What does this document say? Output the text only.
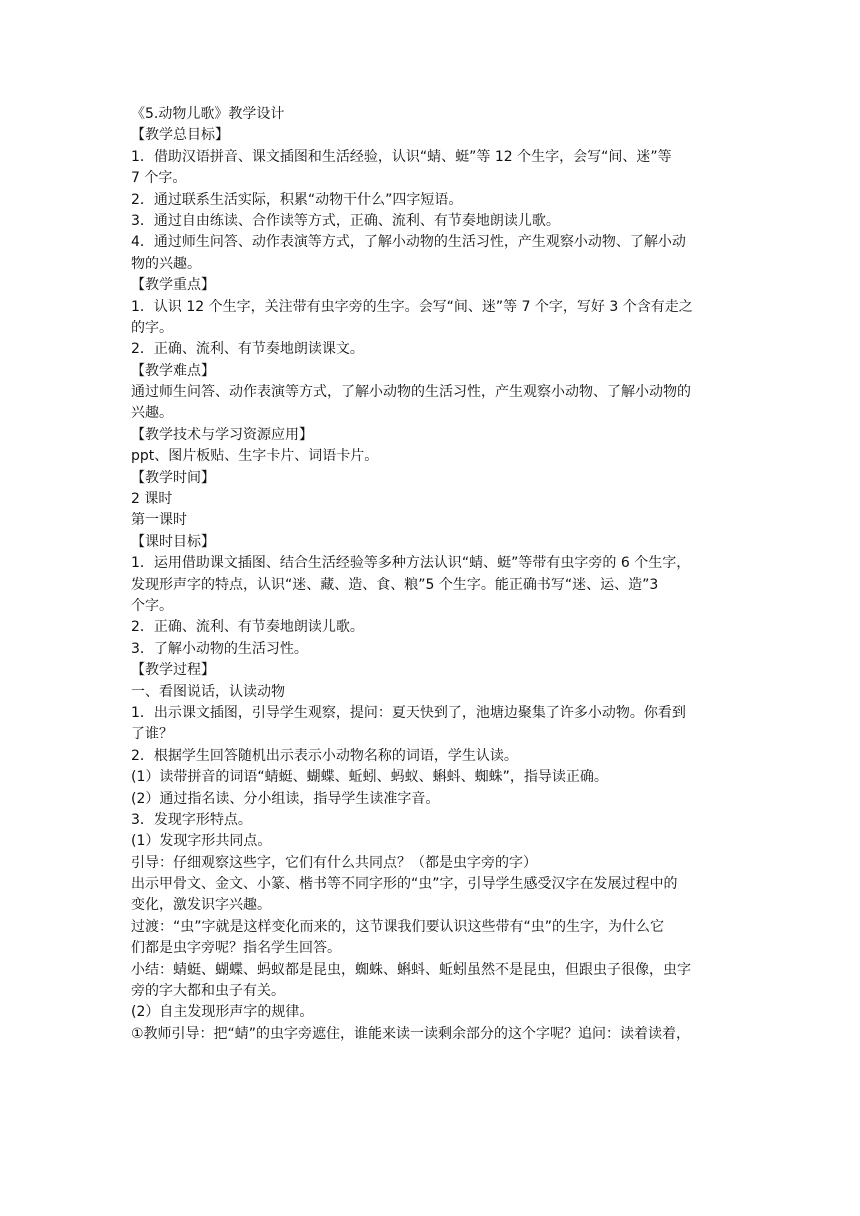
《5.动物儿歌》教学设计

【教学总目标】

1．借助汉语拼音、课文插图和生活经验，认识“蜻、蜓”等 12 个生字，会写“间、迷”等

7 个字。

2．通过联系生活实际，积累“动物干什么”四字短语。

3．通过自由练读、合作读等方式，正确、流利、有节奏地朗读儿歌。

4．通过师生问答、动作表演等方式，了解小动物的生活习性，产生观察小动物、了解小动

物的兴趣。

【教学重点】

1．认识 12 个生字，关注带有虫字旁的生字。会写“间、迷”等 7 个字，写好 3 个含有走之

的字。

2．正确、流利、有节奏地朗读课文。

【教学难点】

通过师生问答、动作表演等方式，了解小动物的生活习性，产生观察小动物、了解小动物的

兴趣。

【教学技术与学习资源应用】

ppt、图片板贴、生字卡片、词语卡片。

【教学时间】

2 课时

第一课时

【课时目标】

1．运用借助课文插图、结合生活经验等多种方法认识“蜻、蜓”等带有虫字旁的 6 个生字，

发现形声字的特点，认识“迷、藏、造、食、粮”5 个生字。能正确书写“迷、运、造”3

个字。

2．正确、流利、有节奏地朗读儿歌。

3．了解小动物的生活习性。

【教学过程】

一、看图说话，认读动物

1．出示课文插图，引导学生观察，提问：夏天快到了，池塘边聚集了许多小动物。你看到

了谁？

2．根据学生回答随机出示表示小动物名称的词语，学生认读。

(1）读带拼音的词语“蜻蜓、蝴蝶、蚯蚓、蚂蚁、蝌蚪、蜘蛛”，指导读正确。

(2）通过指名读、分小组读，指导学生读准字音。

3．发现字形特点。

(1）发现字形共同点。

引导：仔细观察这些字，它们有什么共同点？（都是虫字旁的字）

出示甲骨文、金文、小篆、楷书等不同字形的“虫”字，引导学生感受汉字在发展过程中的

变化，激发识字兴趣。

过渡：“虫”字就是这样变化而来的，这节课我们要认识这些带有“虫”的生字，为什么它

们都是虫字旁呢？指名学生回答。

小结：蜻蜓、蝴蝶、蚂蚁都是昆虫，蜘蛛、蝌蚪、蚯蚓虽然不是昆虫，但跟虫子很像，虫字

旁的字大都和虫子有关。

(2）自主发现形声字的规律。

①教师引导：把“蜻”的虫字旁遮住，谁能来读一读剩余部分的这个字呢？追问：读着读着，
